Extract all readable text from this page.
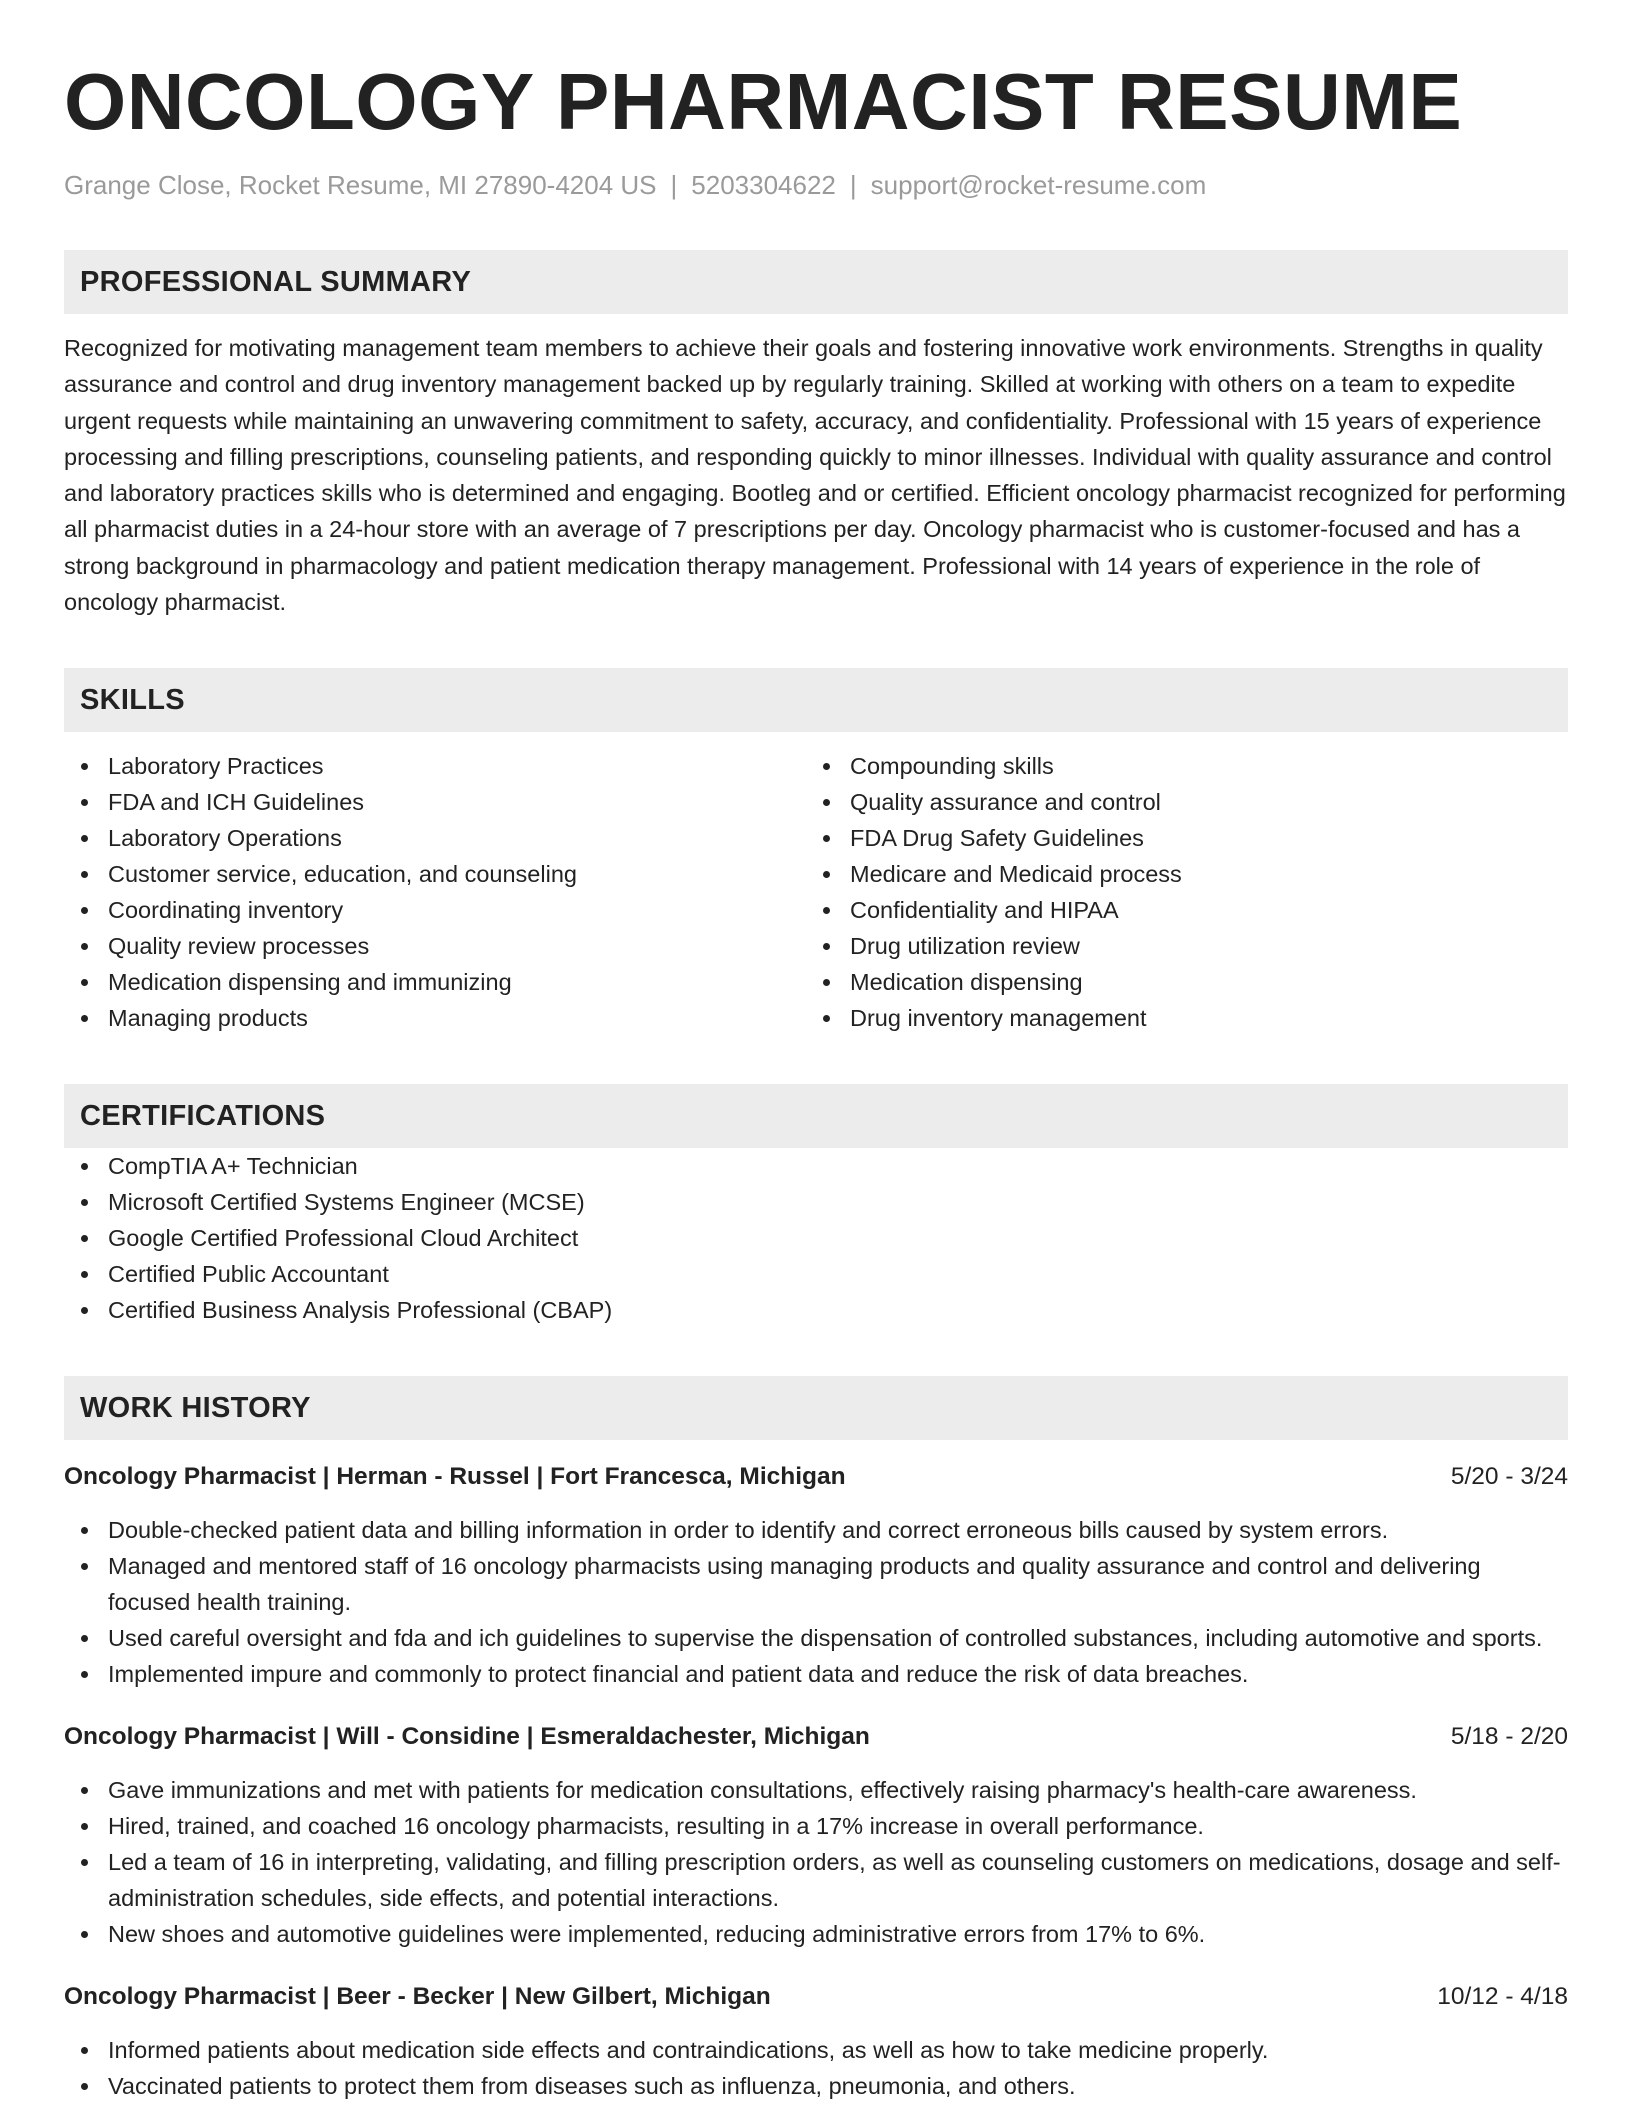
ONCOLOGY PHARMACIST RESUME
Grange Close, Rocket Resume, MI 27890-4204 US | 5203304622 | support@rocket-resume.com
PROFESSIONAL SUMMARY

Recognized for motivating management team members to achieve their goals and fostering innovative work environments. Strengths in quality assurance and control and drug inventory management backed up by regularly training. Skilled at working with others on a team to expedite urgent requests while maintaining an unwavering commitment to safety, accuracy, and confidentiality. Professional with 15 years of experience processing and filling prescriptions, counseling patients, and responding quickly to minor illnesses. Individual with quality assurance and control and laboratory practices skills who is determined and engaging. Bootleg and or certified. Efficient oncology pharmacist recognized for performing all pharmacist duties in a 24-hour store with an average of 7 prescriptions per day. Oncology pharmacist who is customer-focused and has a strong background in pharmacology and patient medication therapy management. Professional with 14 years of experience in the role of oncology pharmacist.

SKILLS
Laboratory Practices
FDA and ICH Guidelines
Laboratory Operations
Customer service, education, and counseling
Coordinating inventory
Quality review processes
Medication dispensing and immunizing
Managing products
Compounding skills
Quality assurance and control
FDA Drug Safety Guidelines
Medicare and Medicaid process
Confidentiality and HIPAA
Drug utilization review
Medication dispensing
Drug inventory management
CERTIFICATIONS
CompTIA A+ Technician
Microsoft Certified Systems Engineer (MCSE)
Google Certified Professional Cloud Architect
Certified Public Accountant
Certified Business Analysis Professional (CBAP)
WORK HISTORY
Oncology Pharmacist | Herman - Russel | Fort Francesca, Michigan	5/20 - 3/24
Double-checked patient data and billing information in order to identify and correct erroneous bills caused by system errors.
Managed and mentored staff of 16 oncology pharmacists using managing products and quality assurance and control and delivering focused health training.
Used careful oversight and fda and ich guidelines to supervise the dispensation of controlled substances, including automotive and sports.
Implemented impure and commonly to protect financial and patient data and reduce the risk of data breaches.
Oncology Pharmacist | Will - Considine | Esmeraldachester, Michigan	5/18 - 2/20
Gave immunizations and met with patients for medication consultations, effectively raising pharmacy's health-care awareness.
Hired, trained, and coached 16 oncology pharmacists, resulting in a 17% increase in overall performance.
Led a team of 16 in interpreting, validating, and filling prescription orders, as well as counseling customers on medications, dosage and self-administration schedules, side effects, and potential interactions.
New shoes and automotive guidelines were implemented, reducing administrative errors from 17% to 6%.
Oncology Pharmacist | Beer - Becker | New Gilbert, Michigan	10/12 - 4/18
Informed patients about medication side effects and contraindications, as well as how to take medicine properly.
Vaccinated patients to protect them from diseases such as influenza, pneumonia, and others.
